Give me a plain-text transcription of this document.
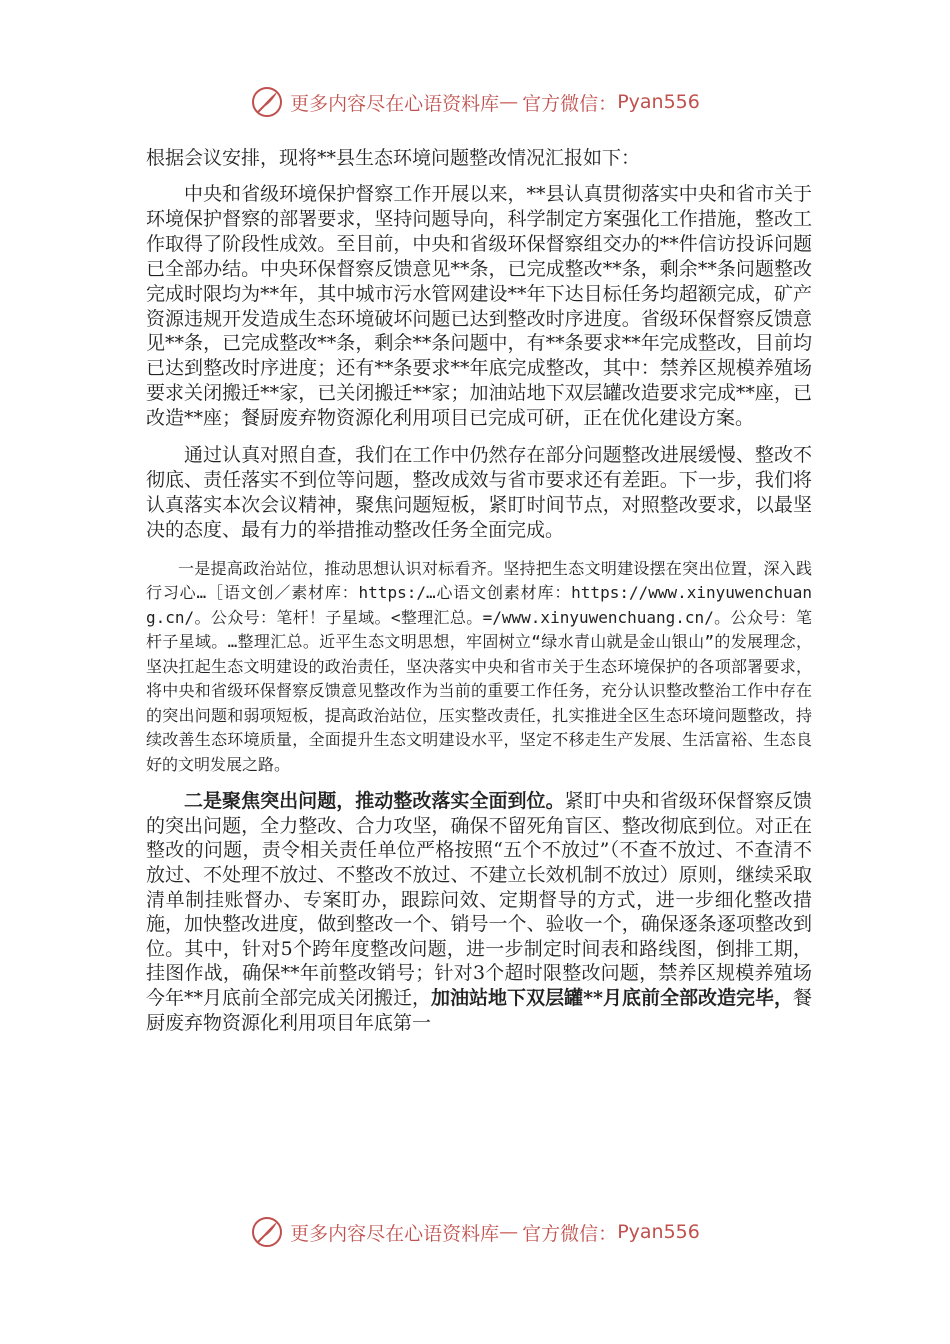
更多内容尽在心语资料库 — 官方微信： Pyan556

根据会议安排，现将**县生态环境问题整改情况汇报如下：

中央和省级环境保护督察工作开展以来，**县认真贯彻落实中央和省市关于环境保护督察的部署要求，坚持问题导向，科学制定方案强化工作措施，整改工作取得了阶段性成效。至目前，中央和省级环保督察组交办的**件信访投诉问题已全部办结。中央环保督察反馈意见**条，已完成整改**条，剩余**条问题整改完成时限均为**年，其中城市污水管网建设**年下达目标任务均超额完成，矿产资源违规开发造成生态环境破坏问题已达到整改时序进度。省级环保督察反馈意见**条，已完成整改**条，剩余**条问题中，有**条要求**年完成整改，目前均已达到整改时序进度；还有**条要求**年底完成整改，其中：禁养区规模养殖场要求关闭搬迁**家，已关闭搬迁**家；加油站地下双层罐改造要求完成**座，已改造**座；餐厨废弃物资源化利用项目已完成可研，正在优化建设方案。

通过认真对照自查，我们在工作中仍然存在部分问题整改进展缓慢、整改不彻底、责任落实不到位等问题，整改成效与省市要求还有差距。下一步，我们将认真落实本次会议精神，聚焦问题短板，紧盯时间节点，对照整改要求，以最坚决的态度、最有力的举措推动整改任务全面完成。

一是提高政治站位，推动思想认识对标看齐。坚持把生态文明建设摆在突出位置，深入践行习心…［语文创／素材库：https:/…心语文创素材库：https://www.xinyuwenchuang.cn/。公众号：笔杆！子星域。<整理汇总。=/www.xinyuwenchuang.cn/。公众号：笔杆子星域。…整理汇总。近平生态文明思想，牢固树立“绿水青山就是金山银山”的发展理念，坚决扛起生态文明建设的政治责任，坚决落实中央和省市关于生态环境保护的各项部署要求，将中央和省级环保督察反馈意见整改作为当前的重要工作任务，充分认识整改整治工作中存在的突出问题和弱项短板，提高政治站位，压实整改责任，扎实推进全区生态环境问题整改，持续改善生态环境质量，全面提升生态文明建设水平，坚定不移走生产发展、生活富裕、生态良好的文明发展之路。

二是聚焦突出问题，推动整改落实全面到位。紧盯中央和省级环保督察反馈的突出问题，全力整改、合力攻坚，确保不留死角盲区、整改彻底到位。对正在整改的问题，责令相关责任单位严格按照“五个不放过”（不查不放过、不查清不放过、不处理不放过、不整改不放过、不建立长效机制不放过）原则，继续采取清单制挂账督办、专案盯办，跟踪问效、定期督导的方式，进一步细化整改措施，加快整改进度，做到整改一个、销号一个、验收一个，确保逐条逐项整改到位。其中，针对5个跨年度整改问题，进一步制定时间表和路线图，倒排工期，挂图作战，确保**年前整改销号；针对3个超时限整改问题，禁养区规模养殖场今年**月底前全部完成关闭搬迁，加油站地下双层罐**月底前全部改造完毕，餐厨废弃物资源化利用项目年底第一

更多内容尽在心语资料库 — 官方微信： Pyan556
